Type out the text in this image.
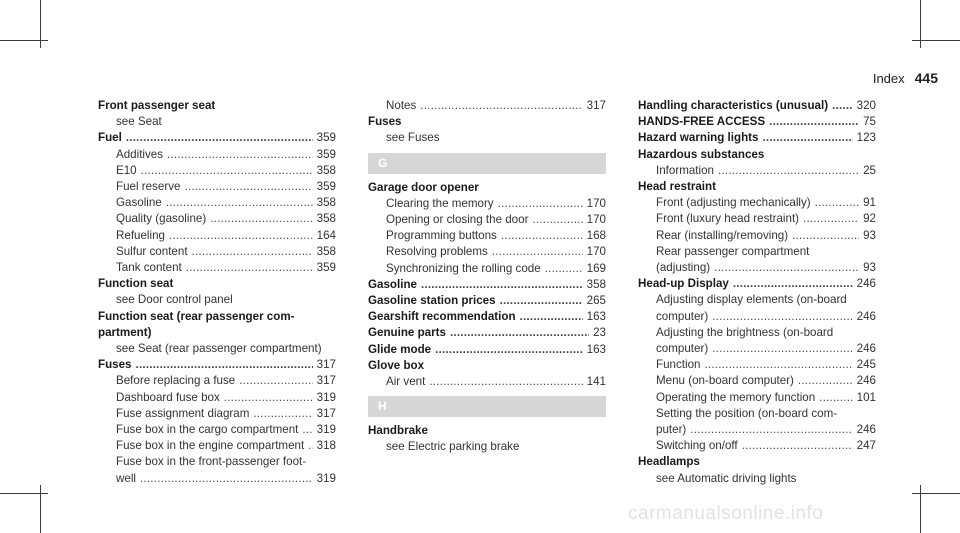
Index 445
Front passenger seat
see Seat
Fuel . . .	359
Additives . . .	359
E10 . . .	358
Fuel reserve . . .	359
Gasoline . . .	358
Quality (gasoline) . . .	358
Refueling . . .	164
Sulfur content . . .	358
Tank content . . .	359
Function seat
see Door control panel
Function seat (rear passenger com-
partment)
see Seat (rear passenger compartment)
Fuses . . .	317
Before replacing a fuse . . .	317
Dashboard fuse box . . .	319
Fuse assignment diagram . . .	317
Fuse box in the cargo compartment . . . 319
Fuse box in the engine compartment . . . 318
Fuse box in the front-passenger foot-
well . . .	319
Notes . . .	317
Fuses
see Fuses
G
Garage door opener
Clearing the memory . . .	170
Opening or closing the door . . .	170
Programming buttons . . .	168
Resolving problems . . .	170
Synchronizing the rolling code . . .	169
Gasoline . . .	358
Gasoline station prices . . .	265
Gearshift recommendation . . .	163
Genuine parts . . .	23
Glide mode . . .	163
Glove box
Air vent . . .	141
H
Handbrake
see Electric parking brake
Handling characteristics (unusual) . . . 320
HANDS-FREE ACCESS . . .	75
Hazard warning lights . . .	123
Hazardous substances
Information . . .	25
Head restraint
Front (adjusting mechanically) . . .	91
Front (luxury head restraint) . . .	92
Rear (installing/removing) . . .	93
Rear passenger compartment
(adjusting) . . .	93
Head-up Display . . .	246
Adjusting display elements (on-board
computer) . . .	246
Adjusting the brightness (on-board
computer) . . .	246
Function . . .	245
Menu (on-board computer) . . .	246
Operating the memory function . . .	101
Setting the position (on-board com-
puter) . . .	246
Switching on/off . . .	247
Headlamps
see Automatic driving lights
carmanualsonline.info
